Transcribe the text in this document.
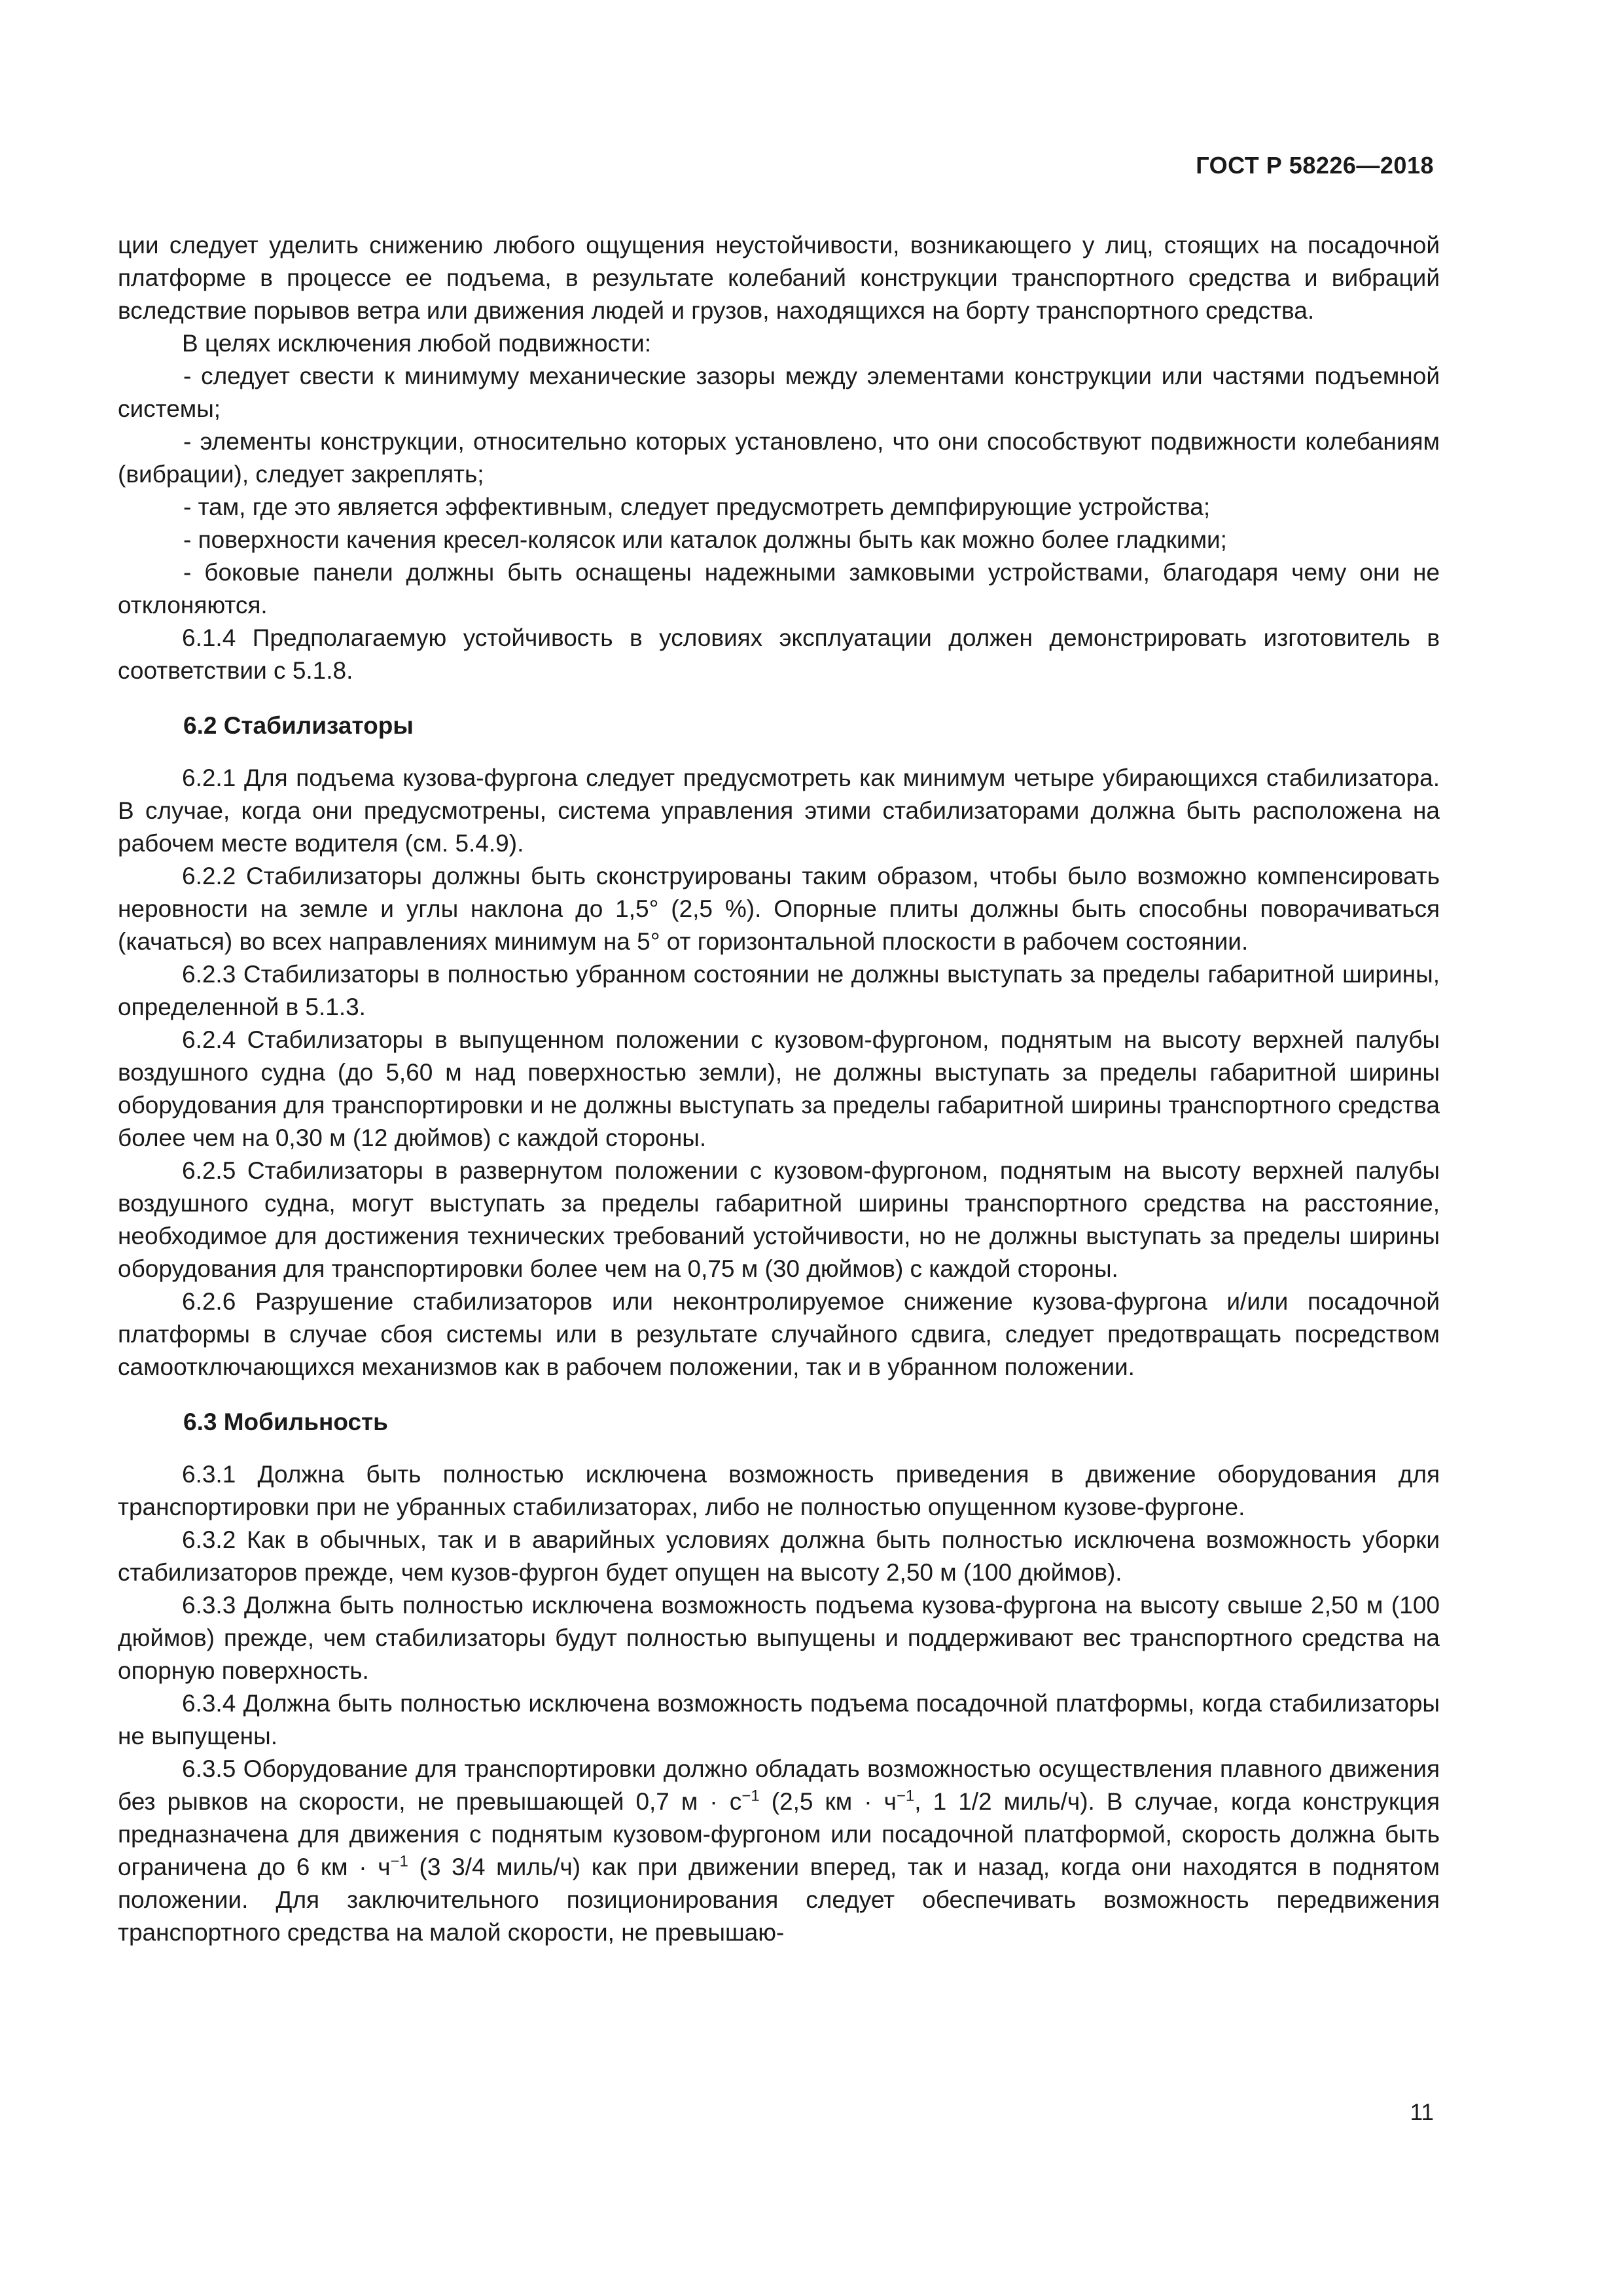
ГОСТ Р 58226—2018

ции следует уделить снижению любого ощущения неустойчивости, возникающего у лиц, стоящих на посадочной платформе в процессе ее подъема, в результате колебаний конструкции транспортного средства и вибраций вследствие порывов ветра или движения людей и грузов, находящихся на борту транспортного средства.

В целях исключения любой подвижности:

- следует свести к минимуму механические зазоры между элементами конструкции или частями подъемной системы;

- элементы конструкции, относительно которых установлено, что они способствуют подвижности колебаниям (вибрации), следует закреплять;

- там, где это является эффективным, следует предусмотреть демпфирующие устройства;

- поверхности качения кресел-колясок или каталок должны быть как можно более гладкими;

- боковые панели должны быть оснащены надежными замковыми устройствами, благодаря чему они не отклоняются.

6.1.4 Предполагаемую устойчивость в условиях эксплуатации должен демонстрировать изготовитель в соответствии с 5.1.8.

6.2 Стабилизаторы

6.2.1 Для подъема кузова-фургона следует предусмотреть как минимум четыре убирающихся стабилизатора. В случае, когда они предусмотрены, система управления этими стабилизаторами должна быть расположена на рабочем месте водителя (см. 5.4.9).

6.2.2 Стабилизаторы должны быть сконструированы таким образом, чтобы было возможно компенсировать неровности на земле и углы наклона до 1,5° (2,5 %). Опорные плиты должны быть способны поворачиваться (качаться) во всех направлениях минимум на 5° от горизонтальной плоскости в рабочем состоянии.

6.2.3 Стабилизаторы в полностью убранном состоянии не должны выступать за пределы габаритной ширины, определенной в 5.1.3.

6.2.4 Стабилизаторы в выпущенном положении с кузовом-фургоном, поднятым на высоту верхней палубы воздушного судна (до 5,60 м над поверхностью земли), не должны выступать за пределы габаритной ширины оборудования для транспортировки и не должны выступать за пределы габаритной ширины транспортного средства более чем на 0,30 м (12 дюймов) с каждой стороны.

6.2.5 Стабилизаторы в развернутом положении с кузовом-фургоном, поднятым на высоту верхней палубы воздушного судна, могут выступать за пределы габаритной ширины транспортного средства на расстояние, необходимое для достижения технических требований устойчивости, но не должны выступать за пределы ширины оборудования для транспортировки более чем на 0,75 м (30 дюймов) с каждой стороны.

6.2.6 Разрушение стабилизаторов или неконтролируемое снижение кузова-фургона и/или посадочной платформы в случае сбоя системы или в результате случайного сдвига, следует предотвращать посредством самоотключающихся механизмов как в рабочем положении, так и в убранном положении.

6.3 Мобильность

6.3.1 Должна быть полностью исключена возможность приведения в движение оборудования для транспортировки при не убранных стабилизаторах, либо не полностью опущенном кузове-фургоне.

6.3.2 Как в обычных, так и в аварийных условиях должна быть полностью исключена возможность уборки стабилизаторов прежде, чем кузов-фургон будет опущен на высоту 2,50 м (100 дюймов).

6.3.3 Должна быть полностью исключена возможность подъема кузова-фургона на высоту свыше 2,50 м (100 дюймов) прежде, чем стабилизаторы будут полностью выпущены и поддерживают вес транспортного средства на опорную поверхность.

6.3.4 Должна быть полностью исключена возможность подъема посадочной платформы, когда стабилизаторы не выпущены.

6.3.5 Оборудование для транспортировки должно обладать возможностью осуществления плавного движения без рывков на скорости, не превышающей 0,7 $м \cdot с^{-1}$ (2,5 км · $ч^{-1}$, 1 1/2 миль/ч). В случае, когда конструкция предназначена для движения с поднятым кузовом-фургоном или посадочной платформой, скорость должна быть ограничена до 6 км · $ч^{-1}$ (3 3/4 миль/ч) как при движении вперед, так и назад, когда они находятся в поднятом положении. Для заключительного позиционирования следует обеспечивать возможность передвижения транспортного средства на малой скорости, не превышаю-

11
